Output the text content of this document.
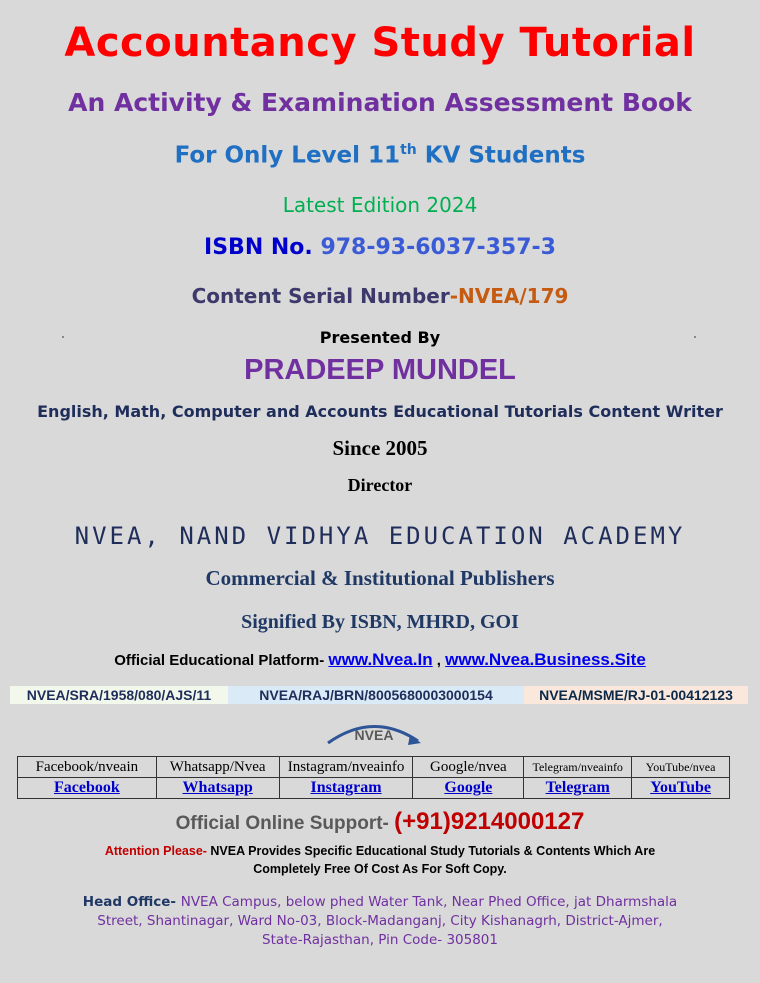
Accountancy Study Tutorial
An Activity & Examination Assessment Book
For Only Level 11th KV Students
Latest Edition 2024
ISBN No. 978-93-6037-357-3
Content Serial Number-NVEA/179
Presented By
PRADEEP MUNDEL
English, Math, Computer and Accounts Educational Tutorials Content Writer
Since 2005
Director
NVEA, NAND VIDHYA EDUCATION ACADEMY
Commercial & Institutional Publishers
Signified By ISBN, MHRD, GOI
Official Educational Platform- www.Nvea.In , www.Nvea.Business.Site
NVEA/SRA/1958/080/AJS/11	NVEA/RAJ/BRN/8005680003000154	NVEA/MSME/RJ-01-00412123
NVEA
Facebook/nveain	Whatsapp/Nvea	Instagram/nveainfo	Google/nvea	Telegram/nveainfo	YouTube/nvea
Facebook	Whatsapp	Instagram	Google	Telegram	YouTube
Official Online Support- (+91)9214000127
Attention Please- NVEA Provides Specific Educational Study Tutorials & Contents Which Are
Completely Free Of Cost As For Soft Copy.
Head Office- NVEA Campus, below phed Water Tank, Near Phed Office, jat Dharmshala
Street, Shantinagar, Ward No-03, Block-Madanganj, City Kishanagrh, District-Ajmer,
State-Rajasthan, Pin Code- 305801
